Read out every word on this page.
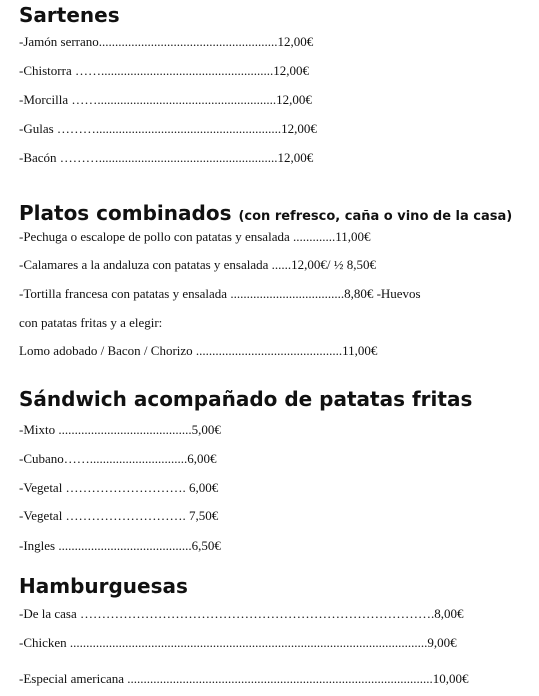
Sartenes

-Jamón serrano.......................................................12,00€

-Chistorra …….....................................................12,00€

-Morcilla …….......................................................12,00€

-Gulas ……….........................................................12,00€

-Bacón ……….......................................................12,00€

Platos combinados (con refresco, caña o vino de la casa)

-Pechuga o escalope de pollo con patatas y ensalada .............11,00€

-Calamares a la andaluza con patatas y ensalada ......12,00€/ ½ 8,50€

-Tortilla francesa con patatas y ensalada ...................................8,80€ -Huevos

con patatas fritas y a elegir:

Lomo adobado / Bacon / Chorizo .............................................11,00€

Sándwich acompañado de patatas fritas

-Mixto .........................................5,00€

-Cubano……..............................6,00€

-Vegetal ………………………. 6,00€

-Vegetal ………………………. 7,50€

-Ingles .........................................6,50€

Hamburguesas

-De la casa ……………………………………………………………………….8,00€

-Chicken ..............................................................................................................9,00€

-Especial americana ..............................................................................................10,00€
